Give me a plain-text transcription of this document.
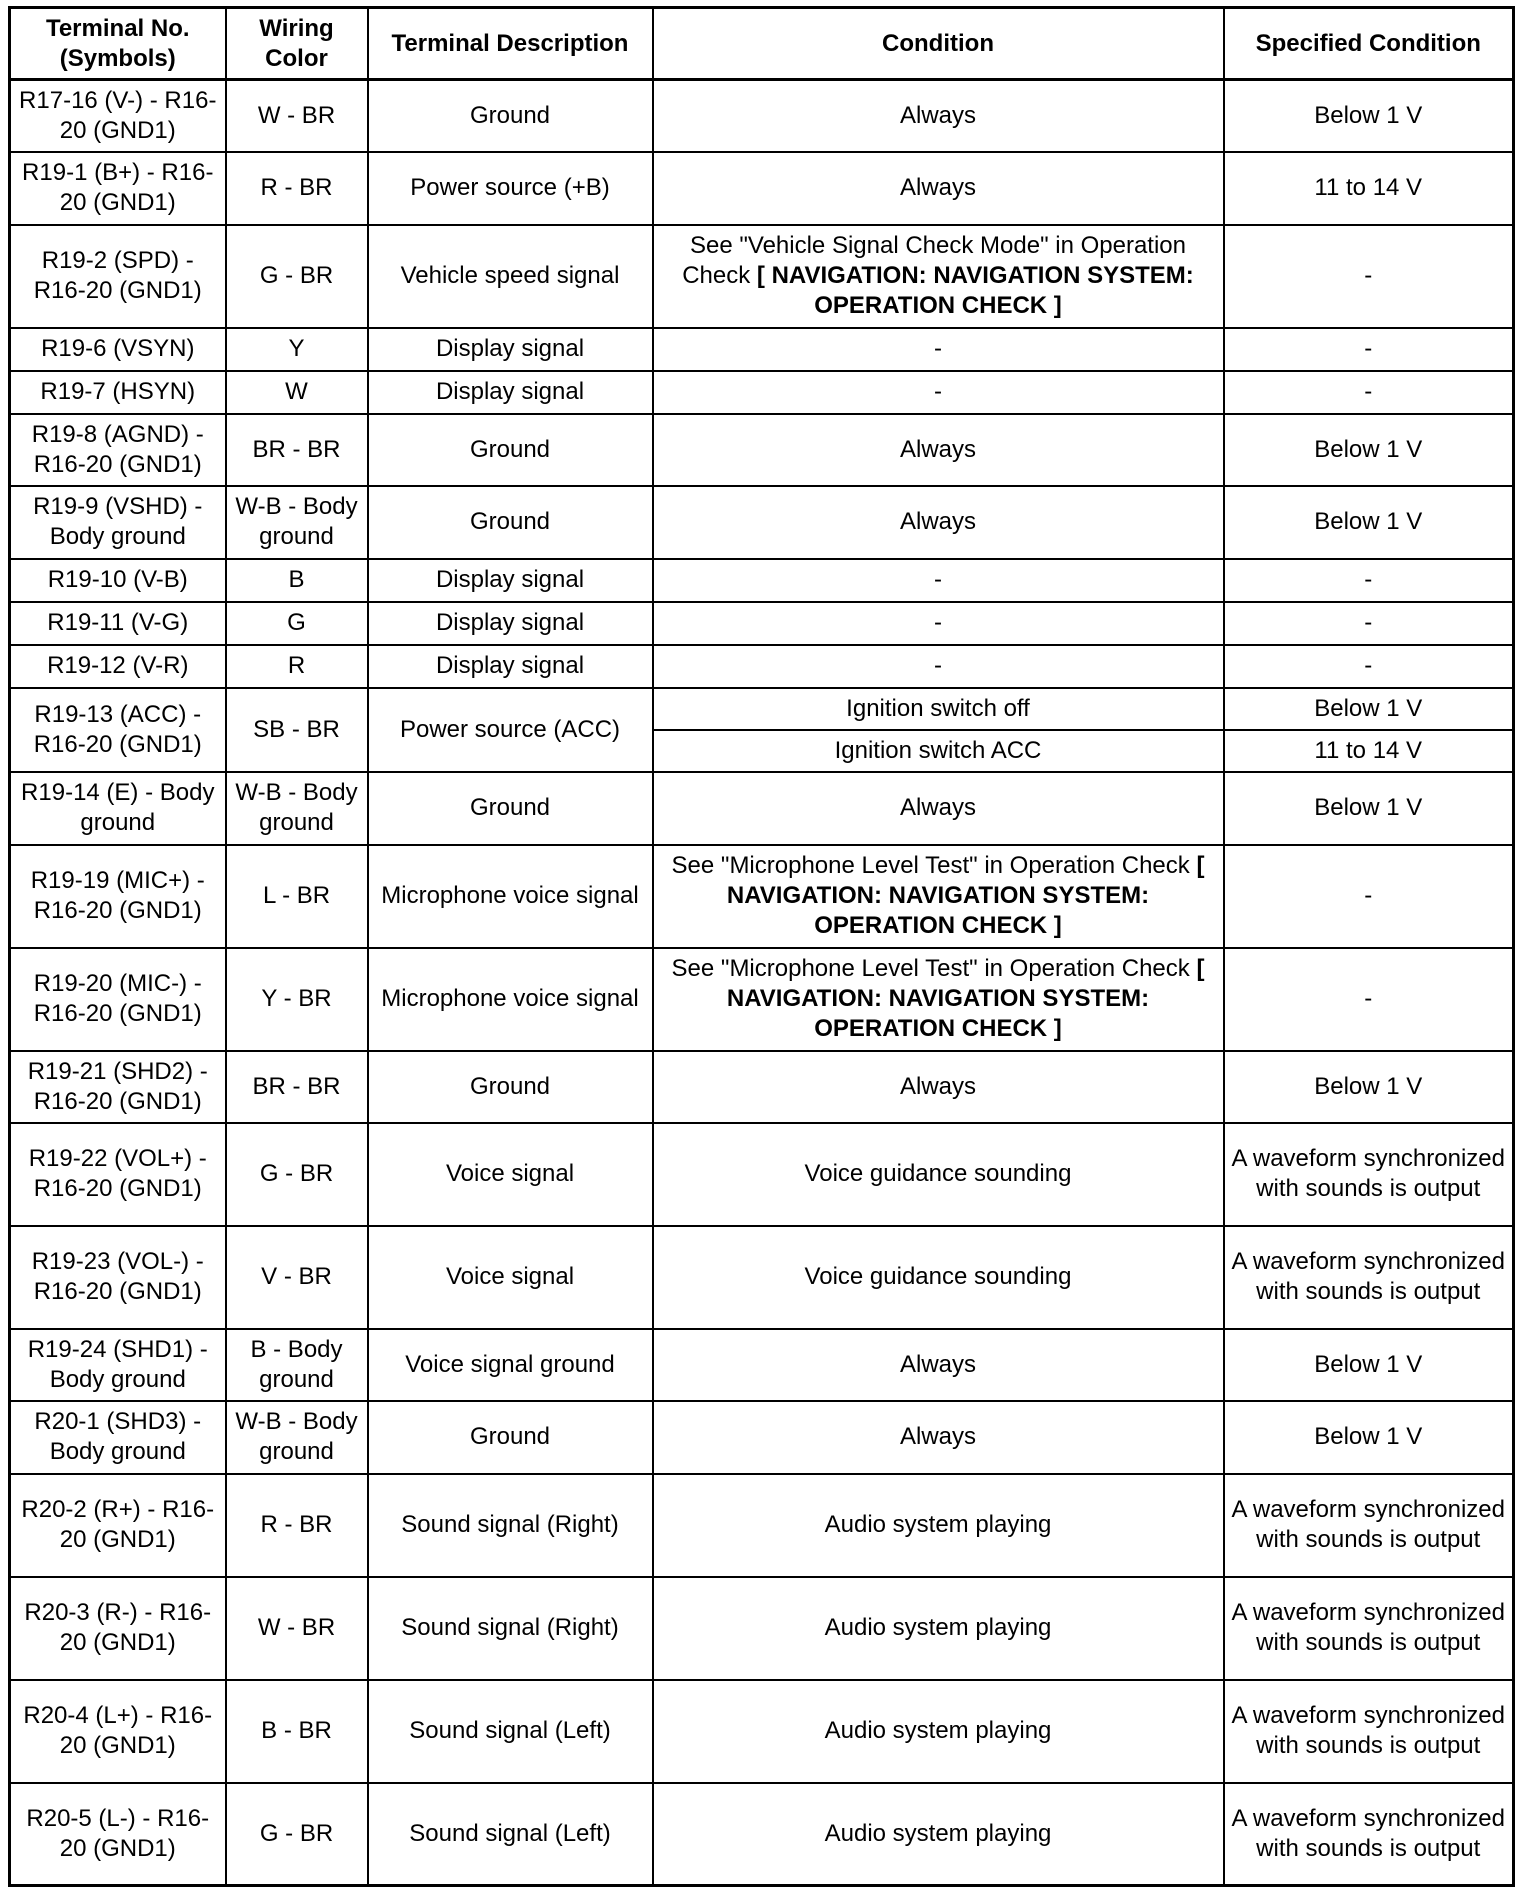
Terminal No. (Symbols)	Wiring Color	Terminal Description	Condition	Specified Condition
R17-16 (V-) - R16-20 (GND1)	W - BR	Ground	Always	Below 1 V
R19-1 (B+) - R16-20 (GND1)	R - BR	Power source (+B)	Always	11 to 14 V
R19-2 (SPD) - R16-20 (GND1)	G - BR	Vehicle speed signal	See "Vehicle Signal Check Mode" in Operation Check [ NAVIGATION: NAVIGATION SYSTEM: OPERATION CHECK ]	-
R19-6 (VSYN)	Y	Display signal	-	-
R19-7 (HSYN)	W	Display signal	-	-
R19-8 (AGND) - R16-20 (GND1)	BR - BR	Ground	Always	Below 1 V
R19-9 (VSHD) - Body ground	W-B - Body ground	Ground	Always	Below 1 V
R19-10 (V-B)	B	Display signal	-	-
R19-11 (V-G)	G	Display signal	-	-
R19-12 (V-R)	R	Display signal	-	-
R19-13 (ACC) - R16-20 (GND1)	SB - BR	Power source (ACC)	Ignition switch off	Below 1 V
			Ignition switch ACC	11 to 14 V
R19-14 (E) - Body ground	W-B - Body ground	Ground	Always	Below 1 V
R19-19 (MIC+) - R16-20 (GND1)	L - BR	Microphone voice signal	See "Microphone Level Test" in Operation Check [ NAVIGATION: NAVIGATION SYSTEM: OPERATION CHECK ]	-
R19-20 (MIC-) - R16-20 (GND1)	Y - BR	Microphone voice signal	See "Microphone Level Test" in Operation Check [ NAVIGATION: NAVIGATION SYSTEM: OPERATION CHECK ]	-
R19-21 (SHD2) - R16-20 (GND1)	BR - BR	Ground	Always	Below 1 V
R19-22 (VOL+) - R16-20 (GND1)	G - BR	Voice signal	Voice guidance sounding	A waveform synchronized with sounds is output
R19-23 (VOL-) - R16-20 (GND1)	V - BR	Voice signal	Voice guidance sounding	A waveform synchronized with sounds is output
R19-24 (SHD1) - Body ground	B - Body ground	Voice signal ground	Always	Below 1 V
R20-1 (SHD3) - Body ground	W-B - Body ground	Ground	Always	Below 1 V
R20-2 (R+) - R16-20 (GND1)	R - BR	Sound signal (Right)	Audio system playing	A waveform synchronized with sounds is output
R20-3 (R-) - R16-20 (GND1)	W - BR	Sound signal (Right)	Audio system playing	A waveform synchronized with sounds is output
R20-4 (L+) - R16-20 (GND1)	B - BR	Sound signal (Left)	Audio system playing	A waveform synchronized with sounds is output
R20-5 (L-) - R16-20 (GND1)	G - BR	Sound signal (Left)	Audio system playing	A waveform synchronized with sounds is output
